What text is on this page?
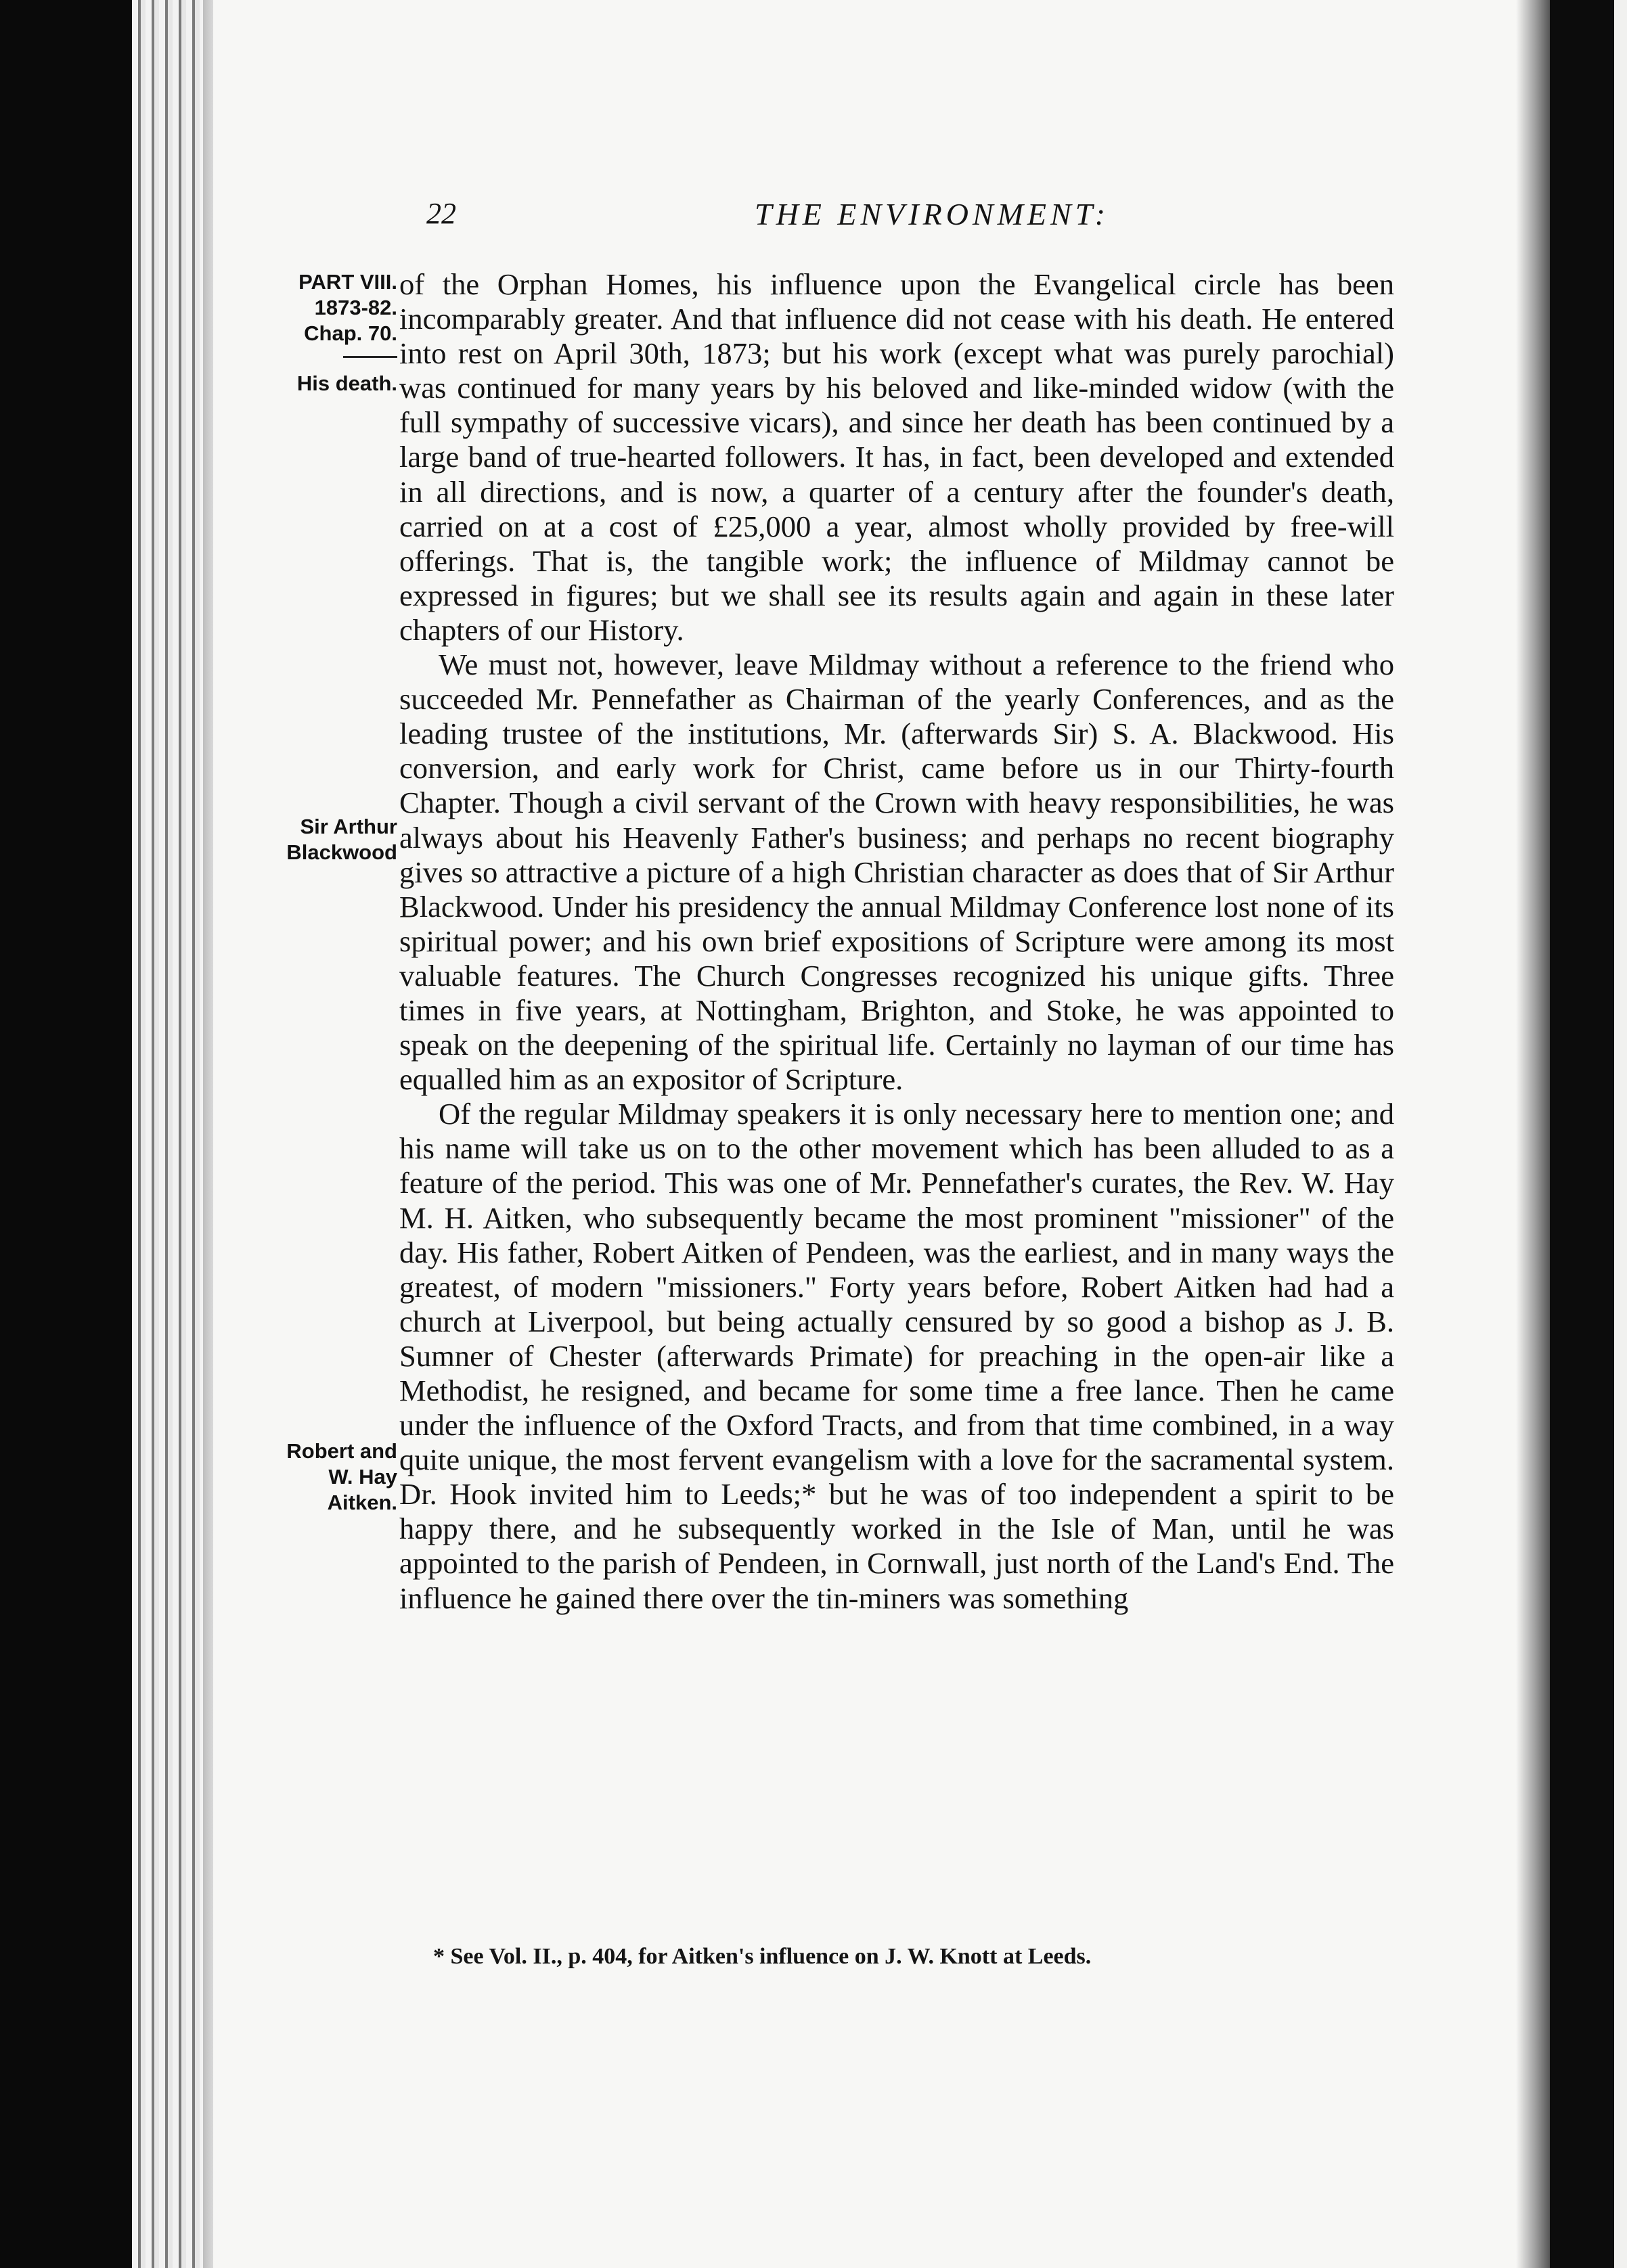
22	THE ENVIRONMENT:
PART VIII.
1873-82.
Chap. 70.
His death.
Sir Arthur
Blackwood
Robert and
W. Hay
Aitken.

of the Orphan Homes, his influence upon the Evangelical circle has been incomparably greater. And that influence did not cease with his death. He entered into rest on April 30th, 1873; but his work (except what was purely parochial) was continued for many years by his beloved and like-minded widow (with the full sympathy of successive vicars), and since her death has been continued by a large band of true-hearted followers. It has, in fact, been developed and extended in all directions, and is now, a quarter of a century after the founder's death, carried on at a cost of £25,000 a year, almost wholly provided by free-will offerings. That is, the tangible work; the influence of Mildmay cannot be expressed in figures; but we shall see its results again and again in these later chapters of our History.

We must not, however, leave Mildmay without a reference to the friend who succeeded Mr. Pennefather as Chairman of the yearly Conferences, and as the leading trustee of the institutions, Mr. (afterwards Sir) S. A. Blackwood. His conversion, and early work for Christ, came before us in our Thirty-fourth Chapter. Though a civil servant of the Crown with heavy responsibilities, he was always about his Heavenly Father's business; and perhaps no recent biography gives so attractive a picture of a high Christian character as does that of Sir Arthur Blackwood. Under his presidency the annual Mildmay Conference lost none of its spiritual power; and his own brief expositions of Scripture were among its most valuable features. The Church Congresses recognized his unique gifts. Three times in five years, at Nottingham, Brighton, and Stoke, he was appointed to speak on the deepening of the spiritual life. Certainly no layman of our time has equalled him as an expositor of Scripture.

Of the regular Mildmay speakers it is only necessary here to mention one; and his name will take us on to the other movement which has been alluded to as a feature of the period. This was one of Mr. Pennefather's curates, the Rev. W. Hay M. H. Aitken, who subsequently became the most prominent "missioner" of the day. His father, Robert Aitken of Pendeen, was the earliest, and in many ways the greatest, of modern "missioners." Forty years before, Robert Aitken had had a church at Liverpool, but being actually censured by so good a bishop as J. B. Sumner of Chester (afterwards Primate) for preaching in the open-air like a Methodist, he resigned, and became for some time a free lance. Then he came under the influence of the Oxford Tracts, and from that time combined, in a way quite unique, the most fervent evangelism with a love for the sacramental system. Dr. Hook invited him to Leeds;* but he was of too independent a spirit to be happy there, and he subsequently worked in the Isle of Man, until he was appointed to the parish of Pendeen, in Cornwall, just north of the Land's End. The influence he gained there over the tin-miners was something

* See Vol. II., p. 404, for Aitken's influence on J. W. Knott at Leeds.
